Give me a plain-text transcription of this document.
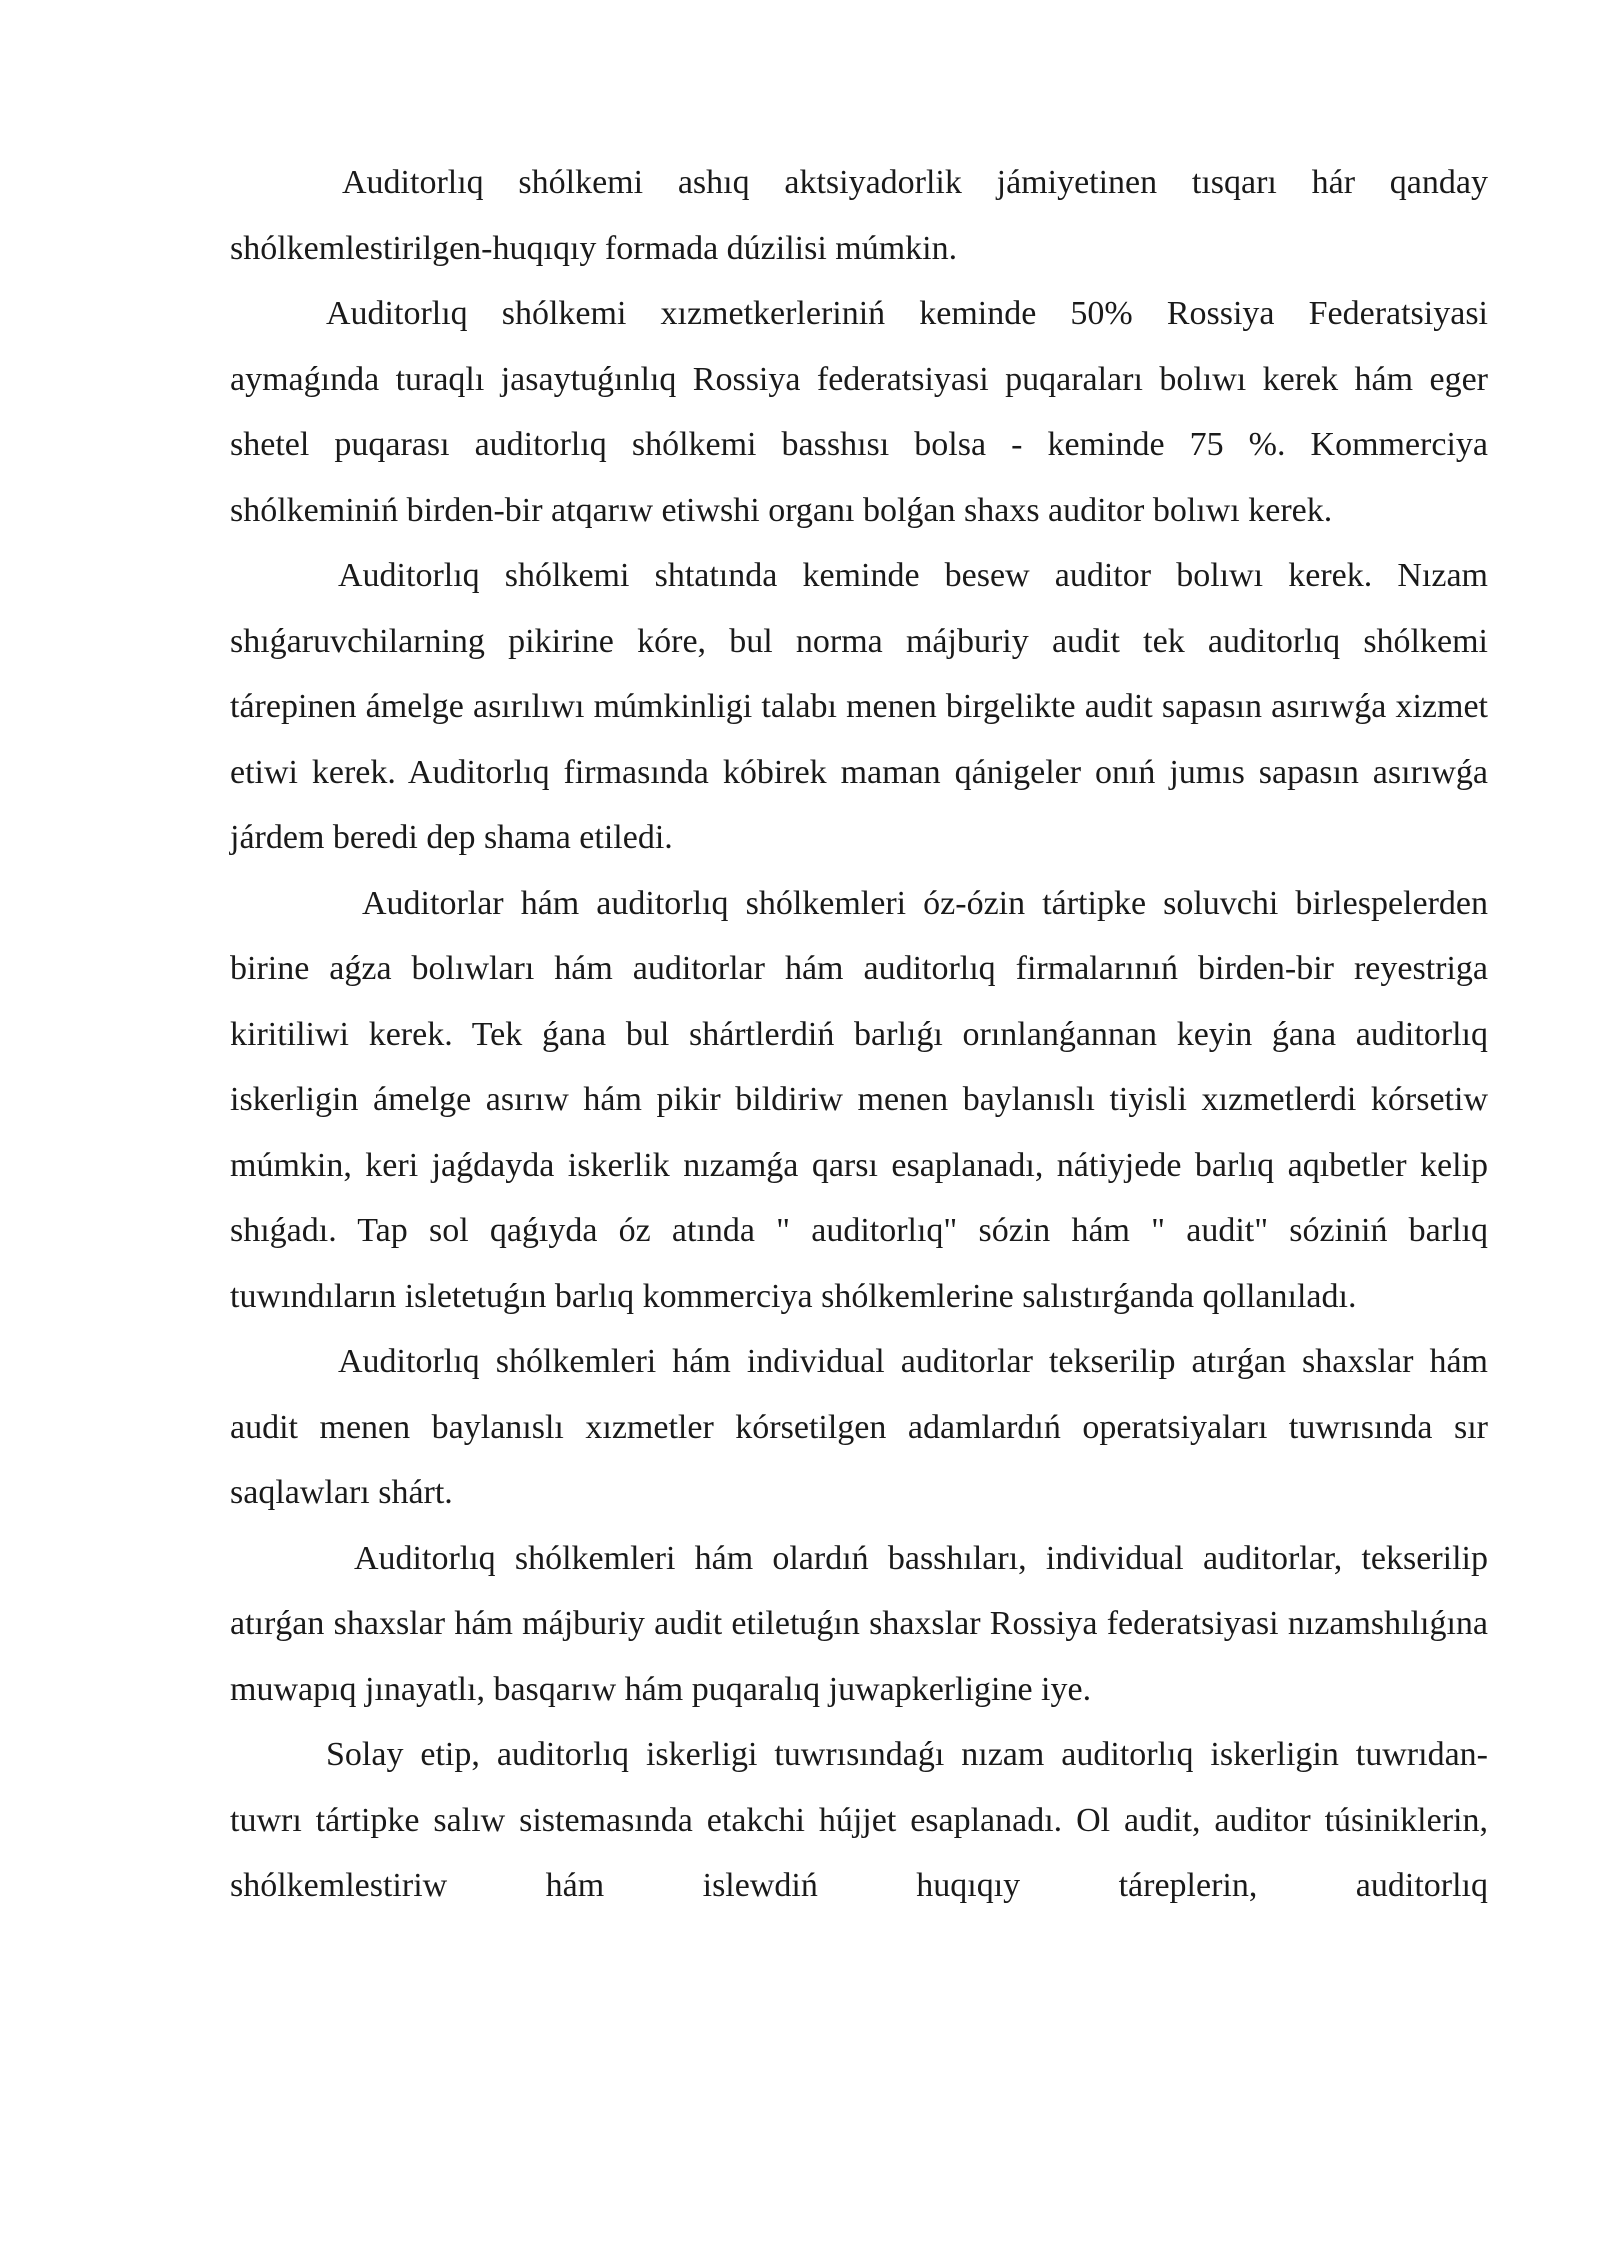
Auditorlıq shólkemi ashıq aktsiyadorlik jámiyetinen tısqarı hár qanday shólkemlestirilgen-huqıqıy formada dúzilisi múmkin.

Auditorlıq shólkemi xızmetkerleriniń keminde 50% Rossiya Federatsiyasi aymaǵında turaqlı jasaytuǵınlıq Rossiya federatsiyasi puqaraları bolıwı kerek hám eger shetel puqarası auditorlıq shólkemi basshısı bolsa - keminde 75 %. Kommerciya shólkeminiń birden-bir atqarıw etiwshi organı bolǵan shaxs auditor bolıwı kerek.

Auditorlıq shólkemi shtatında keminde besew auditor bolıwı kerek. Nızam shıǵaruvchilarning pikirine kóre, bul norma májburiy audit tek auditorlıq shólkemi tárepinen ámelge asırılıwı múmkinligi talabı menen birgelikte audit sapasın asırıwǵa xizmet etiwi kerek. Auditorlıq firmasında kóbirek maman qánigeler onıń jumıs sapasın asırıwǵa járdem beredi dep shama etiledi.

Auditorlar hám auditorlıq shólkemleri óz-ózin tártipke soluvchi birlespelerden birine aǵza bolıwları hám auditorlar hám auditorlıq firmalarınıń birden-bir reyestriga kiritiliwi kerek. Tek ǵana bul shártlerdiń barlıǵı orınlanǵannan keyin ǵana auditorlıq iskerligin ámelge asırıw hám pikir bildiriw menen baylanıslı tiyisli xızmetlerdi kórsetiw múmkin, keri jaǵdayda iskerlik nızamǵa qarsı esaplanadı, nátiyjede barlıq aqıbetler kelip shıǵadı. Tap sol qaǵıyda óz atında " auditorlıq" sózin hám " audit" sóziniń barlıq tuwındıların isletetuǵın barlıq kommerciya shólkemlerine salıstırǵanda qollanıladı.

Auditorlıq shólkemleri hám individual auditorlar tekserilip atırǵan shaxslar hám audit menen baylanıslı xızmetler kórsetilgen adamlardıń operatsiyaları tuwrısında sır saqlawları shárt.

Auditorlıq shólkemleri hám olardıń basshıları, individual auditorlar, tekserilip atırǵan shaxslar hám májburiy audit etiletuǵın shaxslar Rossiya federatsiyasi nızamshılıǵına muwapıq jınayatlı, basqarıw hám puqaralıq juwapkerligine iye.

Solay etip, auditorlıq iskerligi tuwrısındaǵı nızam auditorlıq iskerligin tuwrıdan-tuwrı tártipke salıw sistemasında etakchi hújjet esaplanadı. Ol audit, auditor túsiniklerin, shólkemlestiriw hám islewdiń huqıqıy táreplerin, auditorlıq
